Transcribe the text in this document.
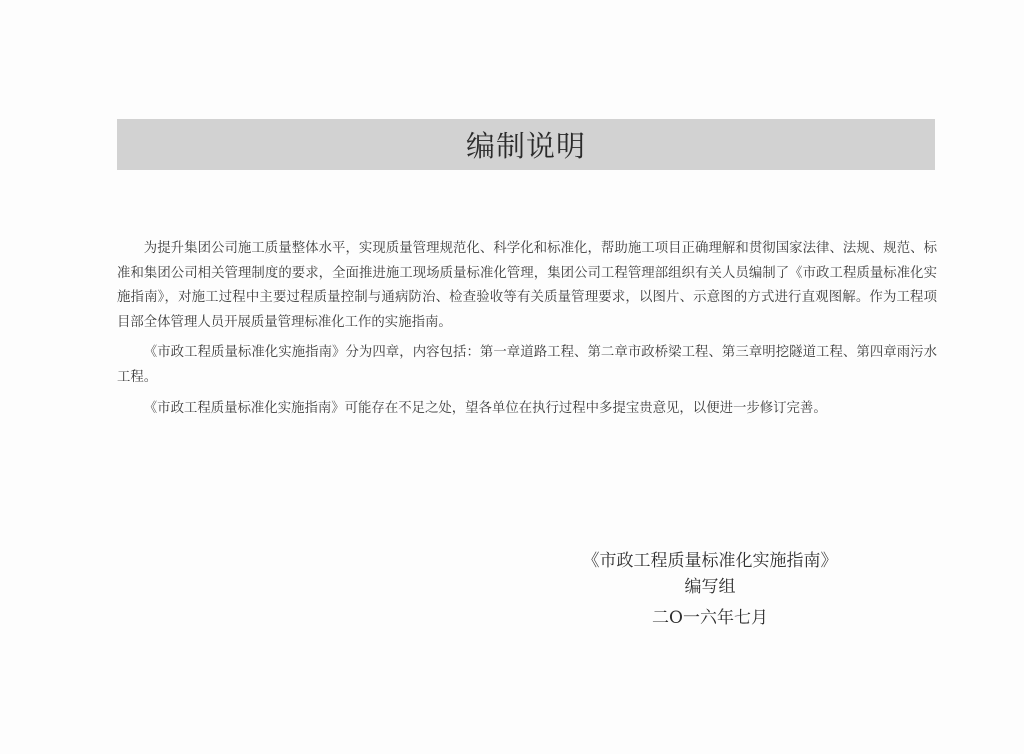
编制说明

为提升集团公司施工质量整体水平，实现质量管理规范化、科学化和标准化，帮助施工项目正确理解和贯彻国家法律、法规、规范、标准和集团公司相关管理制度的要求，全面推进施工现场质量标准化管理，集团公司工程管理部组织有关人员编制了《市政工程质量标准化实施指南》，对施工过程中主要过程质量控制与通病防治、检查验收等有关质量管理要求，以图片、示意图的方式进行直观图解。作为工程项目部全体管理人员开展质量管理标准化工作的实施指南。

《市政工程质量标准化实施指南》分为四章，内容包括：第一章道路工程、第二章市政桥梁工程、第三章明挖隧道工程、第四章雨污水工程。

《市政工程质量标准化实施指南》可能存在不足之处，望各单位在执行过程中多提宝贵意见，以便进一步修订完善。

《市政工程质量标准化实施指南》
编写组
二O一六年七月
